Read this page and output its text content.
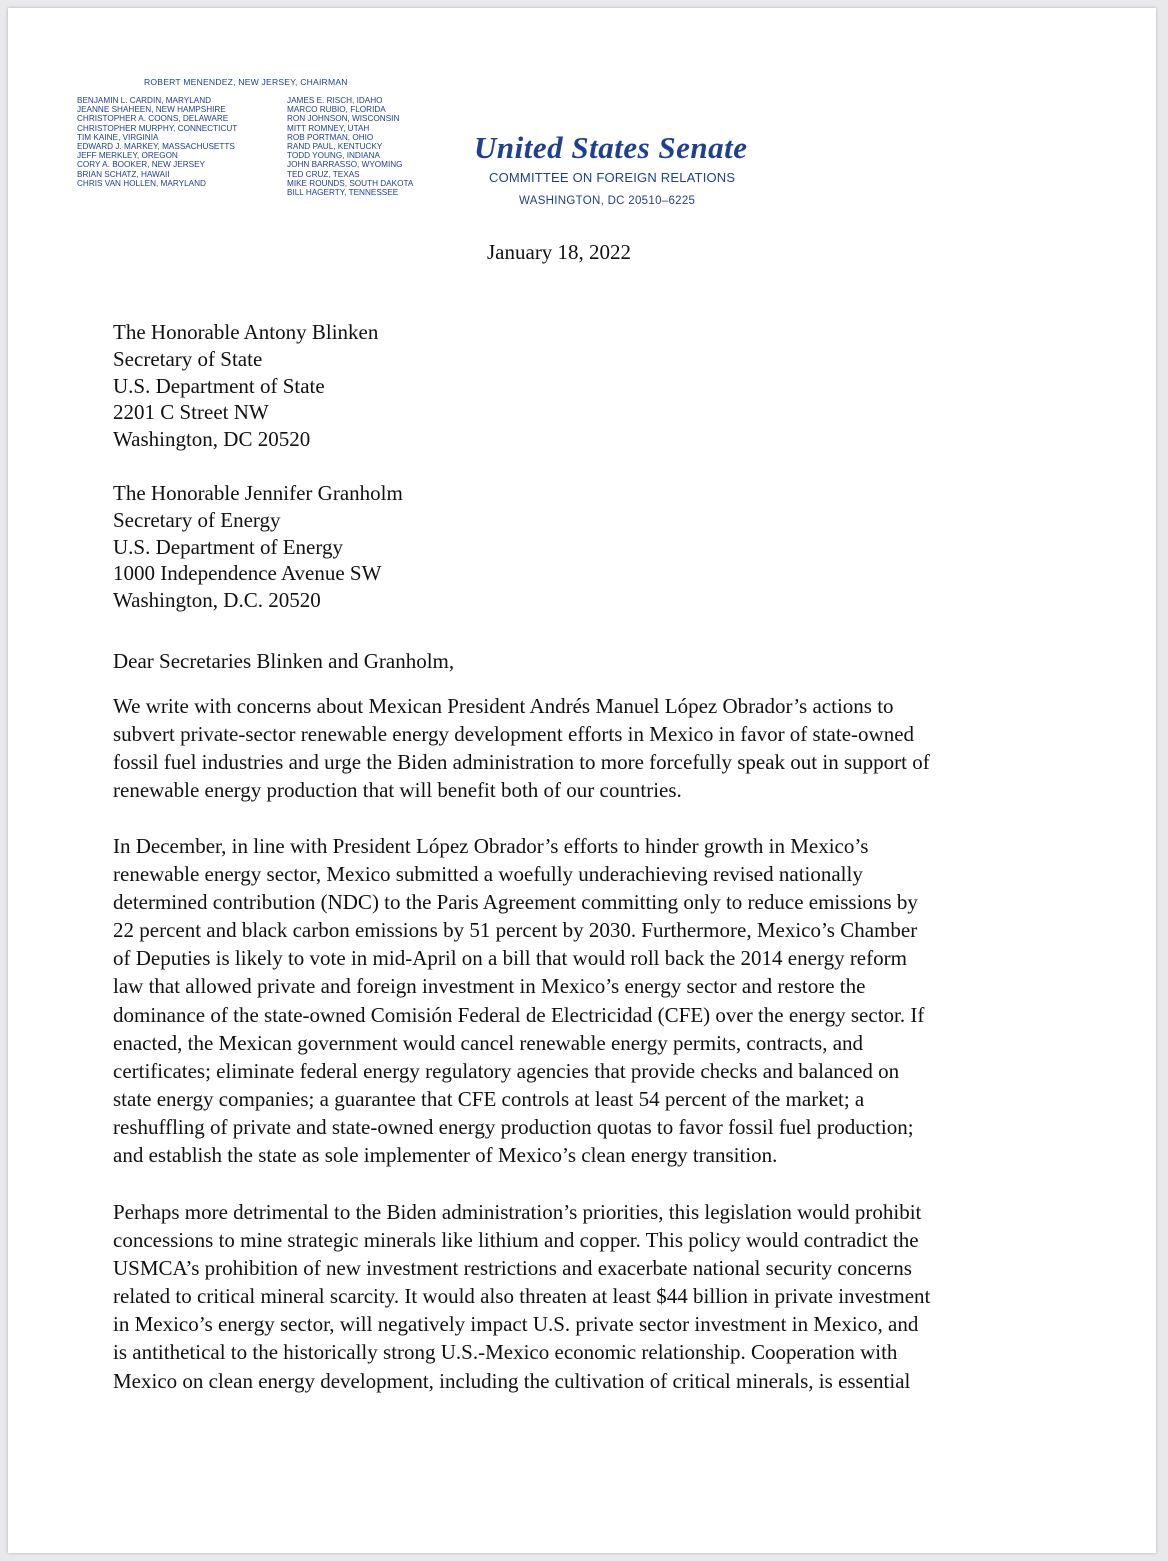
ROBERT MENENDEZ, NEW JERSEY, CHAIRMAN
BENJAMIN L. CARDIN, MARYLAND
JEANNE SHAHEEN, NEW HAMPSHIRE
CHRISTOPHER A. COONS, DELAWARE
CHRISTOPHER MURPHY, CONNECTICUT
TIM KAINE, VIRGINIA
EDWARD J. MARKEY, MASSACHUSETTS
JEFF MERKLEY, OREGON
CORY A. BOOKER, NEW JERSEY
BRIAN SCHATZ, HAWAII
CHRIS VAN HOLLEN, MARYLAND
JAMES E. RISCH, IDAHO
MARCO RUBIO, FLORIDA
RON JOHNSON, WISCONSIN
MITT ROMNEY, UTAH
ROB PORTMAN, OHIO
RAND PAUL, KENTUCKY
TODD YOUNG, INDIANA
JOHN BARRASSO, WYOMING
TED CRUZ, TEXAS
MIKE ROUNDS, SOUTH DAKOTA
BILL HAGERTY, TENNESSEE
United States Senate
COMMITTEE ON FOREIGN RELATIONS
WASHINGTON, DC 20510–6225
January 18, 2022
The Honorable Antony Blinken
Secretary of State
U.S. Department of State
2201 C Street NW
Washington, DC 20520
The Honorable Jennifer Granholm
Secretary of Energy
U.S. Department of Energy
1000 Independence Avenue SW
Washington, D.C. 20520
Dear Secretaries Blinken and Granholm,
We write with concerns about Mexican President Andrés Manuel López Obrador’s actions to
subvert private-sector renewable energy development efforts in Mexico in favor of state-owned
fossil fuel industries and urge the Biden administration to more forcefully speak out in support of
renewable energy production that will benefit both of our countries.
In December, in line with President López Obrador’s efforts to hinder growth in Mexico’s
renewable energy sector, Mexico submitted a woefully underachieving revised nationally
determined contribution (NDC) to the Paris Agreement committing only to reduce emissions by
22 percent and black carbon emissions by 51 percent by 2030. Furthermore, Mexico’s Chamber
of Deputies is likely to vote in mid-April on a bill that would roll back the 2014 energy reform
law that allowed private and foreign investment in Mexico’s energy sector and restore the
dominance of the state-owned Comisión Federal de Electricidad (CFE) over the energy sector. If
enacted, the Mexican government would cancel renewable energy permits, contracts, and
certificates; eliminate federal energy regulatory agencies that provide checks and balanced on
state energy companies; a guarantee that CFE controls at least 54 percent of the market; a
reshuffling of private and state-owned energy production quotas to favor fossil fuel production;
and establish the state as sole implementer of Mexico’s clean energy transition.
Perhaps more detrimental to the Biden administration’s priorities, this legislation would prohibit
concessions to mine strategic minerals like lithium and copper. This policy would contradict the
USMCA’s prohibition of new investment restrictions and exacerbate national security concerns
related to critical mineral scarcity. It would also threaten at least $44 billion in private investment
in Mexico’s energy sector, will negatively impact U.S. private sector investment in Mexico, and
is antithetical to the historically strong U.S.-Mexico economic relationship. Cooperation with
Mexico on clean energy development, including the cultivation of critical minerals, is essential
